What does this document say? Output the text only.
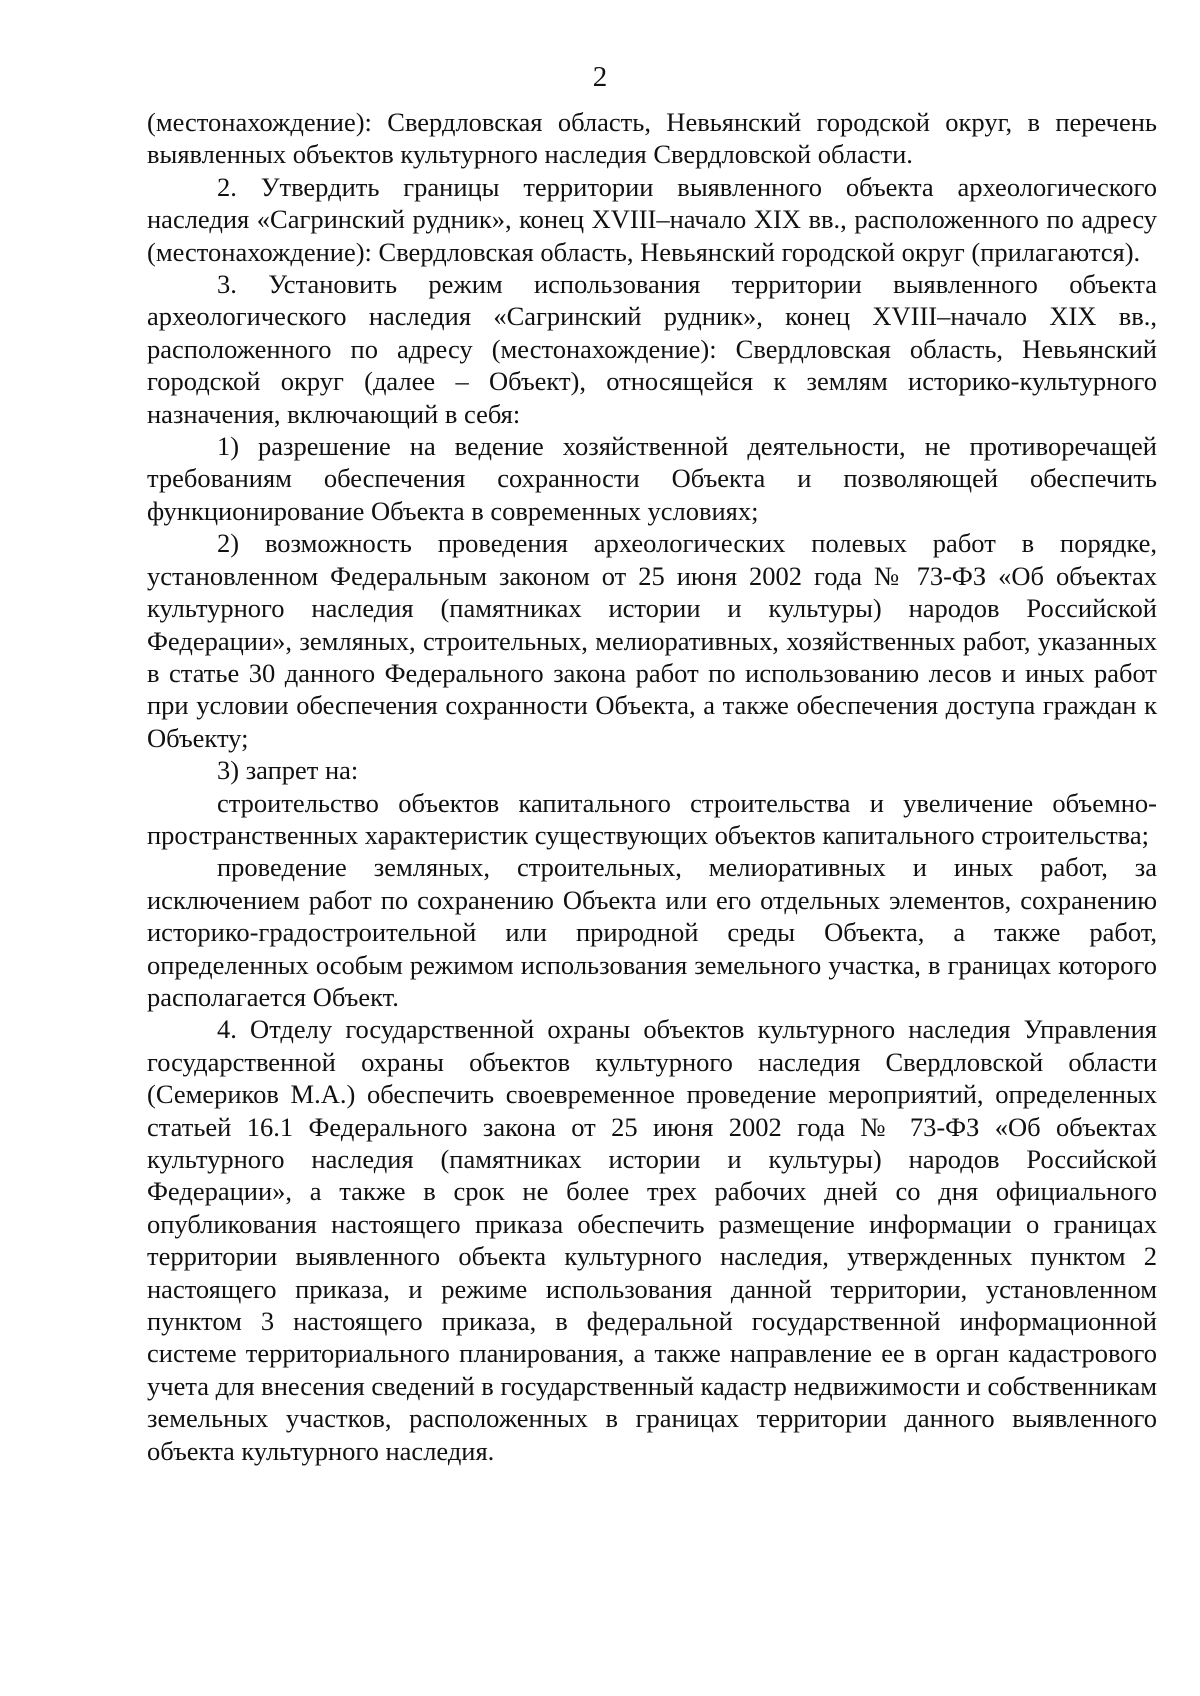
2

(местонахождение): Свердловская область, Невьянский городской округ, в перечень выявленных объектов культурного наследия Свердловской области.

2. Утвердить границы территории выявленного объекта археологического наследия «Сагринский рудник», конец XVIII–начало XIX вв., расположенного по адресу (местонахождение): Свердловская область, Невьянский городской округ (прилагаются).

3. Установить режим использования территории выявленного объекта археологического наследия «Сагринский рудник», конец XVIII–начало XIX вв., расположенного по адресу (местонахождение): Свердловская область, Невьянский городской округ (далее – Объект), относящейся к землям историко-культурного назначения, включающий в себя:

1) разрешение на ведение хозяйственной деятельности, не противоречащей требованиям обеспечения сохранности Объекта и позволяющей обеспечить функционирование Объекта в современных условиях;

2) возможность проведения археологических полевых работ в порядке, установленном Федеральным законом от 25 июня 2002 года № 73-ФЗ «Об объектах культурного наследия (памятниках истории и культуры) народов Российской Федерации», земляных, строительных, мелиоративных, хозяйственных работ, указанных в статье 30 данного Федерального закона работ по использованию лесов и иных работ при условии обеспечения сохранности Объекта, а также обеспечения доступа граждан к Объекту;

3) запрет на:

строительство объектов капитального строительства и увеличение объемно-пространственных характеристик существующих объектов капитального строительства;

проведение земляных, строительных, мелиоративных и иных работ, за исключением работ по сохранению Объекта или его отдельных элементов, сохранению историко-градостроительной или природной среды Объекта, а также работ, определенных особым режимом использования земельного участка, в границах которого располагается Объект.

4. Отделу государственной охраны объектов культурного наследия Управления государственной охраны объектов культурного наследия Свердловской области (Семериков М.А.) обеспечить своевременное проведение мероприятий, определенных статьей 16.1 Федерального закона от 25 июня 2002 года № 73-ФЗ «Об объектах культурного наследия (памятниках истории и культуры) народов Российской Федерации», а также в срок не более трех рабочих дней со дня официального опубликования настоящего приказа обеспечить размещение информации о границах территории выявленного объекта культурного наследия, утвержденных пунктом 2 настоящего приказа, и режиме использования данной территории, установленном пунктом 3 настоящего приказа, в федеральной государственной информационной системе территориального планирования, а также направление ее в орган кадастрового учета для внесения сведений в государственный кадастр недвижимости и собственникам земельных участков, расположенных в границах территории данного выявленного объекта культурного наследия.
